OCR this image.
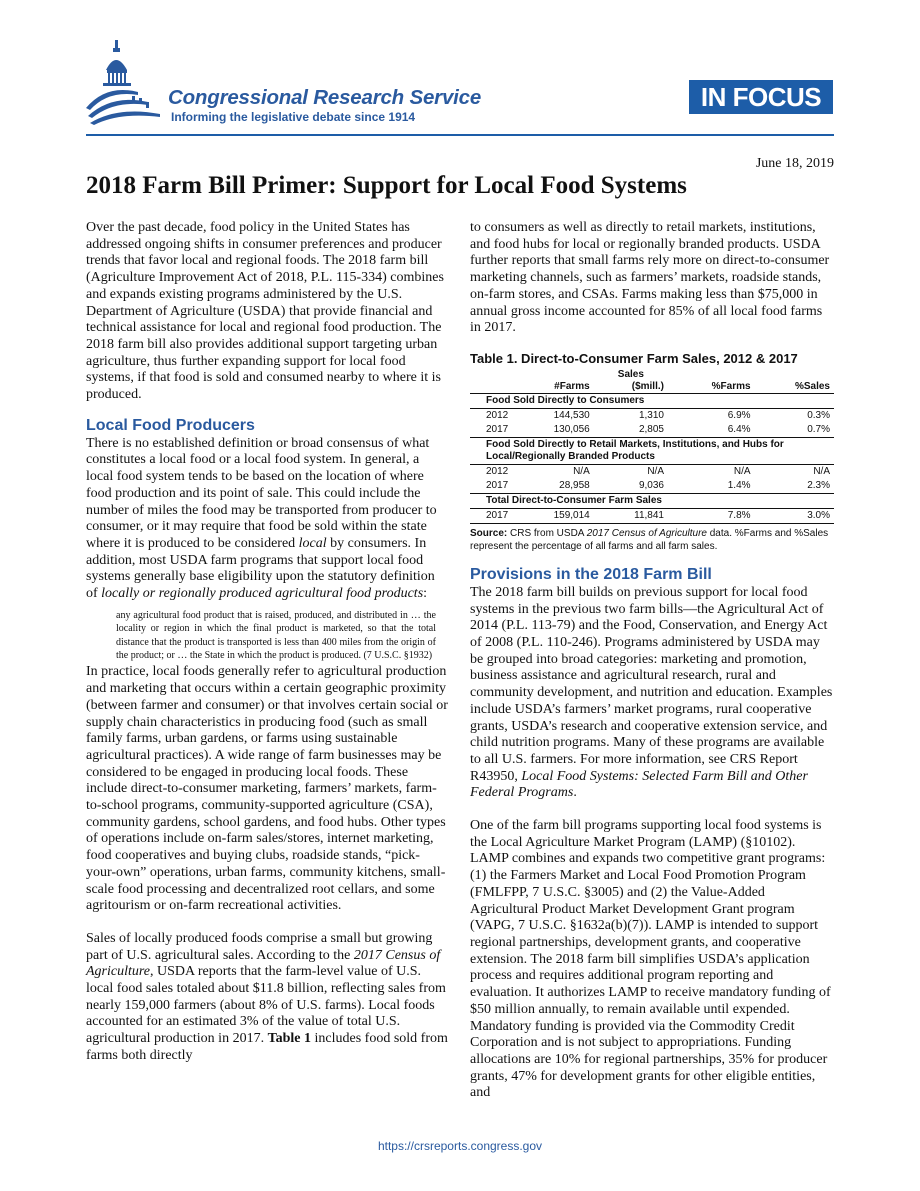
Congressional Research Service
Informing the legislative debate since 1914
IN FOCUS
June 18, 2019
2018 Farm Bill Primer: Support for Local Food Systems

Over the past decade, food policy in the United States has addressed ongoing shifts in consumer preferences and producer trends that favor local and regional foods. The 2018 farm bill (Agriculture Improvement Act of 2018, P.L. 115-334) combines and expands existing programs administered by the U.S. Department of Agriculture (USDA) that provide financial and technical assistance for local and regional food production. The 2018 farm bill also provides additional support targeting urban agriculture, thus further expanding support for local food systems, if that food is sold and consumed nearby to where it is produced.

Local Food Producers

There is no established definition or broad consensus of what constitutes a local food or a local food system. In general, a local food system tends to be based on the location of where food production and its point of sale. This could include the number of miles the food may be transported from producer to consumer, or it may require that food be sold within the state where it is produced to be considered local by consumers. In addition, most USDA farm programs that support local food systems generally base eligibility upon the statutory definition of locally or regionally produced agricultural food products:

any agricultural food product that is raised, produced, and distributed in … the locality or region in which the final product is marketed, so that the total distance that the product is transported is less than 400 miles from the origin of the product; or … the State in which the product is produced. (7 U.S.C. §1932)

In practice, local foods generally refer to agricultural production and marketing that occurs within a certain geographic proximity (between farmer and consumer) or that involves certain social or supply chain characteristics in producing food (such as small family farms, urban gardens, or farms using sustainable agricultural practices). A wide range of farm businesses may be considered to be engaged in producing local foods. These include direct-to-consumer marketing, farmers’ markets, farm-to-school programs, community-supported agriculture (CSA), community gardens, school gardens, and food hubs. Other types of operations include on-farm sales/stores, internet marketing, food cooperatives and buying clubs, roadside stands, “pick-your-own” operations, urban farms, community kitchens, small-scale food processing and decentralized root cellars, and some agritourism or on-farm recreational activities.

Sales of locally produced foods comprise a small but growing part of U.S. agricultural sales. According to the 2017 Census of Agriculture, USDA reports that the farm-level value of U.S. local food sales totaled about $11.8 billion, reflecting sales from nearly 159,000 farmers (about 8% of U.S. farms). Local foods accounted for an estimated 3% of the value of total U.S. agricultural production in 2017. Table 1 includes food sold from farms both directly

to consumers as well as directly to retail markets, institutions, and food hubs for local or regionally branded products. USDA further reports that small farms rely more on direct-to-consumer marketing channels, such as farmers’ markets, roadside stands, on-farm stores, and CSAs. Farms making less than $75,000 in annual gross income accounted for 85% of all local food farms in 2017.

Table 1. Direct-to-Consumer Farm Sales, 2012 & 2017
		Sales		
	#Farms	($mill.)	%Farms	%Sales
Food Sold Directly to Consumers				
2012	144,530	1,310	6.9%	0.3%
2017	130,056	2,805	6.4%	0.7%
Food Sold Directly to Retail Markets, Institutions, and Hubs for Local/Regionally Branded Products				
2012	N/A	N/A	N/A	N/A
2017	28,958	9,036	1.4%	2.3%
Total Direct-to-Consumer Farm Sales				
2017	159,014	11,841	7.8%	3.0%
Source: CRS from USDA 2017 Census of Agriculture data. %Farms and %Sales represent the percentage of all farms and all farm sales.
Provisions in the 2018 Farm Bill

The 2018 farm bill builds on previous support for local food systems in the previous two farm bills—the Agricultural Act of 2014 (P.L. 113-79) and the Food, Conservation, and Energy Act of 2008 (P.L. 110-246). Programs administered by USDA may be grouped into broad categories: marketing and promotion, business assistance and agricultural research, rural and community development, and nutrition and education. Examples include USDA’s farmers’ market programs, rural cooperative grants, USDA’s research and cooperative extension service, and child nutrition programs. Many of these programs are available to all U.S. farmers. For more information, see CRS Report R43950, Local Food Systems: Selected Farm Bill and Other Federal Programs.

One of the farm bill programs supporting local food systems is the Local Agriculture Market Program (LAMP) (§10102). LAMP combines and expands two competitive grant programs: (1) the Farmers Market and Local Food Promotion Program (FMLFPP, 7 U.S.C. §3005) and (2) the Value-Added Agricultural Product Market Development Grant program (VAPG, 7 U.S.C. §1632a(b)(7)). LAMP is intended to support regional partnerships, development grants, and cooperative extension. The 2018 farm bill simplifies USDA’s application process and requires additional program reporting and evaluation. It authorizes LAMP to receive mandatory funding of $50 million annually, to remain available until expended. Mandatory funding is provided via the Commodity Credit Corporation and is not subject to appropriations. Funding allocations are 10% for regional partnerships, 35% for producer grants, 47% for development grants for other eligible entities, and

https://crsreports.congress.gov
